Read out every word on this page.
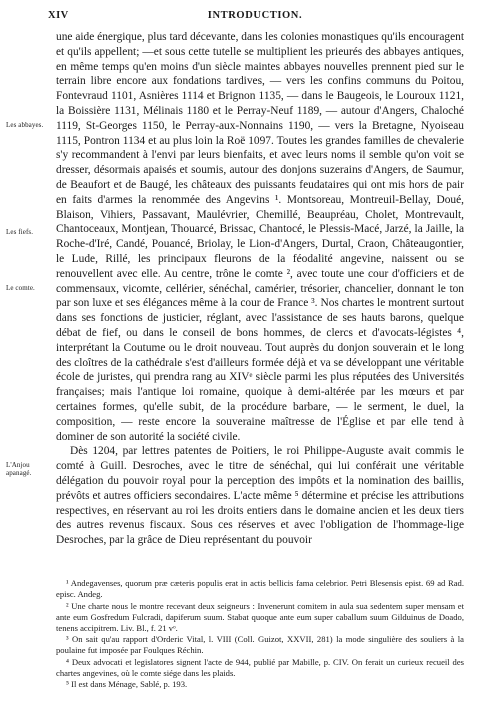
XIV	INTRODUCTION.
Les abbayes.
Les fiefs.
Le comte.
L'Anjou
apanagé.

une aide énergique, plus tard décevante, dans les colonies monastiques qu'ils encouragent et qu'ils appellent; —et sous cette tutelle se multiplient les prieurés des abbayes antiques, en même temps qu'en moins d'un siècle maintes abbayes nouvelles prennent pied sur le terrain libre encore aux fondations tardives, — vers les confins communs du Poitou, Fontevraud 1101, Asnières 1114 et Brignon 1135, — dans le Baugeois, le Louroux 1121, la Boissière 1131, Mélinais 1180 et le Perray-Neuf 1189, — autour d'Angers, Chaloché 1119, St-Georges 1150, le Perray-aux-Nonnains 1190, — vers la Bretagne, Nyoiseau 1115, Pontron 1134 et au plus loin la Roë 1097. Toutes les grandes familles de chevalerie s'y recommandent à l'envi par leurs bienfaits, et avec leurs noms il semble qu'on voit se dresser, désormais apaisés et soumis, autour des donjons suzerains d'Angers, de Saumur, de Beaufort et de Baugé, les châteaux des puissants feudataires qui ont mis hors de pair en faits d'armes la renommée des Angevins ¹. Montsoreau, Montreuil-Bellay, Doué, Blaison, Vihiers, Passavant, Maulévrier, Chemillé, Beaupréau, Cholet, Montrevault, Chantoceaux, Montjean, Thouarcé, Brissac, Chantocé, le Plessis-Macé, Jarzé, la Jaille, la Roche-d'Iré, Candé, Pouancé, Briolay, le Lion-d'Angers, Durtal, Craon, Châteaugontier, le Lude, Rillé, les principaux fleurons de la féodalité angevine, naissent ou se renouvellent avec elle. Au centre, trône le comte ², avec toute une cour d'officiers et de commensaux, vicomte, cellérier, sénéchal, camérier, trésorier, chancelier, donnant le ton par son luxe et ses élégances même à la cour de France ³. Nos chartes le montrent surtout dans ses fonctions de justicier, réglant, avec l'assistance de ses hauts barons, quelque débat de fief, ou dans le conseil de bons hommes, de clercs et d'avocats-légistes ⁴, interprétant la Coutume ou le droit nouveau. Tout auprès du donjon souverain et le long des cloîtres de la cathédrale s'est d'ailleurs formée déjà et va se développant une véritable école de juristes, qui prendra rang au XIVᵉ siècle parmi les plus réputées des Universités françaises; mais l'antique loi romaine, quoique à demi-altérée par les mœurs et par certaines formes, qu'elle subit, de la procédure barbare, — le serment, le duel, la composition, — reste encore la souveraine maîtresse de l'Église et par elle tend à dominer de son autorité la société civile.

Dès 1204, par lettres patentes de Poitiers, le roi Philippe-Auguste avait commis le comté à Guill. Desroches, avec le titre de sénéchal, qui lui conférait une véritable délégation du pouvoir royal pour la perception des impôts et la nomination des baillis, prévôts et autres officiers secondaires. L'acte même ⁵ détermine et précise les attributions respectives, en réservant au roi les droits entiers dans le domaine ancien et les deux tiers des autres revenus fiscaux. Sous ces réserves et avec l'obligation de l'hommage-lige Desroches, par la grâce de Dieu représentant du pouvoir

¹ Andegavenses, quorum præ cæteris populis erat in actis bellicis fama celebrior. Petri Blesensis epist. 69 ad Rad. episc. Andeg.

² Une charte nous le montre recevant deux seigneurs : Invenerunt comitem in aula sua sedentem super mensam et ante eum Gosfredum Fulcradi, dapiferum suum. Stabat quoque ante eum super caballum suum Gilduinus de Doado, tenens accipitrem. Liv. Bl., f. 21 vᵒ.

³ On sait qu'au rapport d'Orderic Vital, l. VIII (Coll. Guizot, XXVII, 281) la mode singulière des souliers à la poulaine fut imposée par Foulques Réchin.

⁴ Deux advocati et legislatores signent l'acte de 944, publié par Mabille, p. CIV. On ferait un curieux recueil des chartes angevines, où le comte siége dans les plaids.

⁵ Il est dans Ménage, Sablé, p. 193.
